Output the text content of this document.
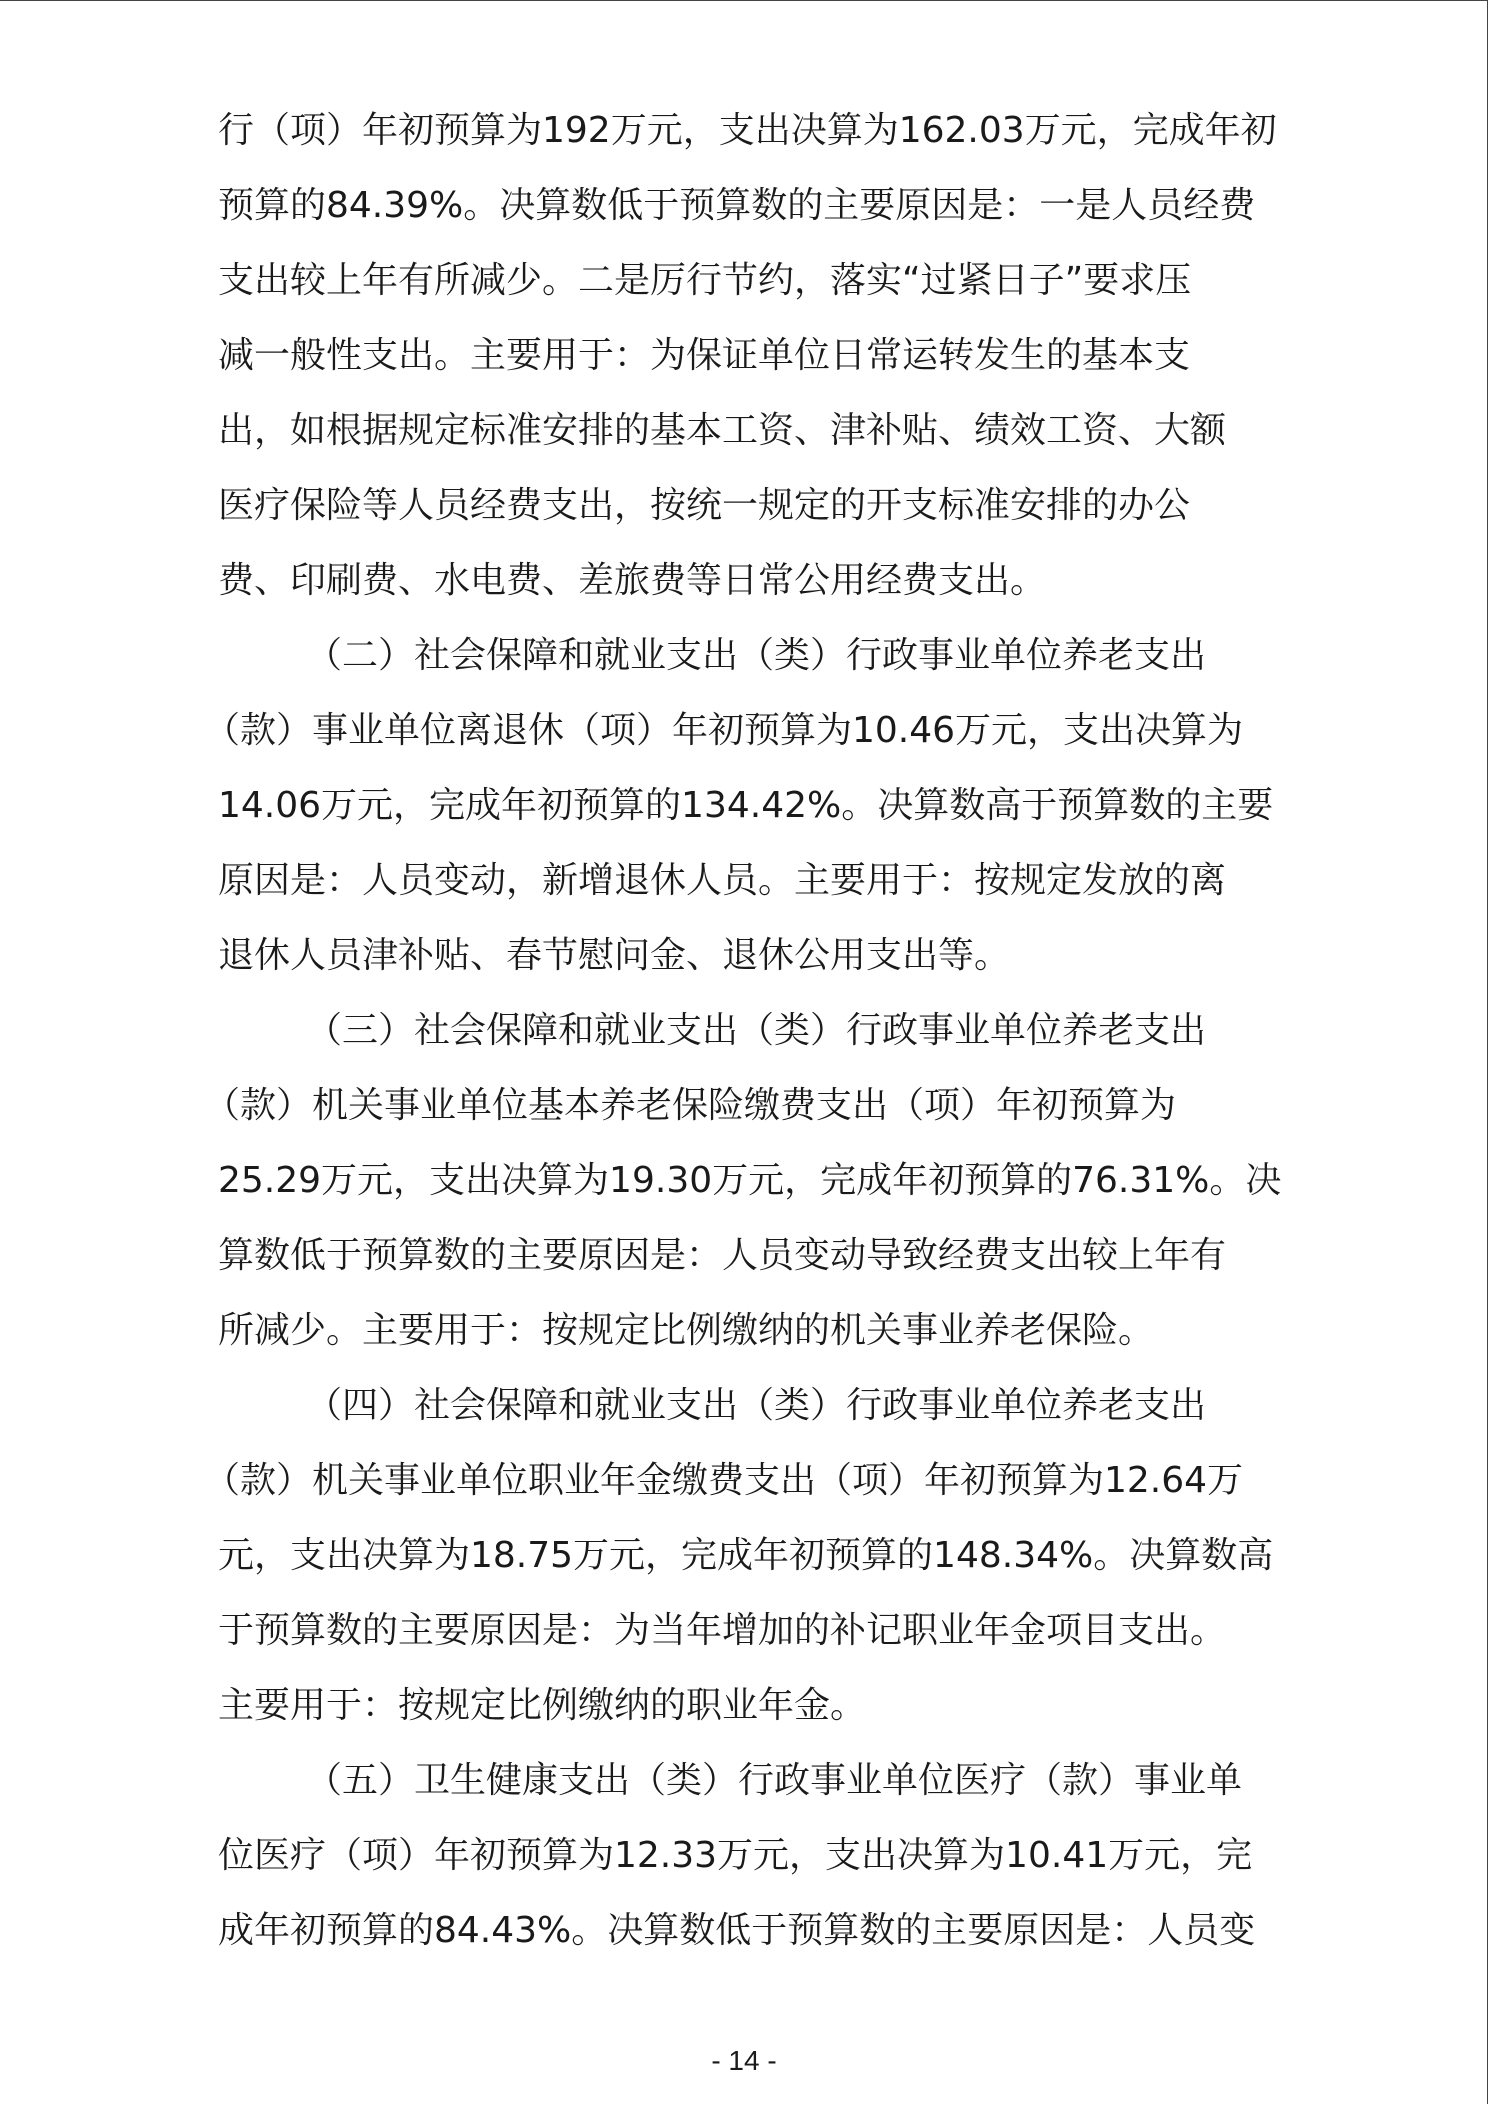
行（项）年初预算为192万元，支出决算为162.03万元，完成年初
预算的84.39%。决算数低于预算数的主要原因是：一是人员经费
支出较上年有所减少。二是厉行节约，落实“过紧日子”要求压
减一般性支出。主要用于：为保证单位日常运转发生的基本支
出，如根据规定标准安排的基本工资、津补贴、绩效工资、大额
医疗保险等人员经费支出，按统一规定的开支标准安排的办公
费、印刷费、水电费、差旅费等日常公用经费支出。
（二）社会保障和就业支出（类）行政事业单位养老支出
（款）事业单位离退休（项）年初预算为10.46万元，支出决算为
14.06万元，完成年初预算的134.42%。决算数高于预算数的主要
原因是：人员变动，新增退休人员。主要用于：按规定发放的离
退休人员津补贴、春节慰问金、退休公用支出等。
（三）社会保障和就业支出（类）行政事业单位养老支出
（款）机关事业单位基本养老保险缴费支出（项）年初预算为
25.29万元，支出决算为19.30万元，完成年初预算的76.31%。决
算数低于预算数的主要原因是：人员变动导致经费支出较上年有
所减少。主要用于：按规定比例缴纳的机关事业养老保险。
（四）社会保障和就业支出（类）行政事业单位养老支出
（款）机关事业单位职业年金缴费支出（项）年初预算为12.64万
元，支出决算为18.75万元，完成年初预算的148.34%。决算数高
于预算数的主要原因是：为当年增加的补记职业年金项目支出。
主要用于：按规定比例缴纳的职业年金。
（五）卫生健康支出（类）行政事业单位医疗（款）事业单
位医疗（项）年初预算为12.33万元，支出决算为10.41万元，完
成年初预算的84.43%。决算数低于预算数的主要原因是：人员变
- 14 -
